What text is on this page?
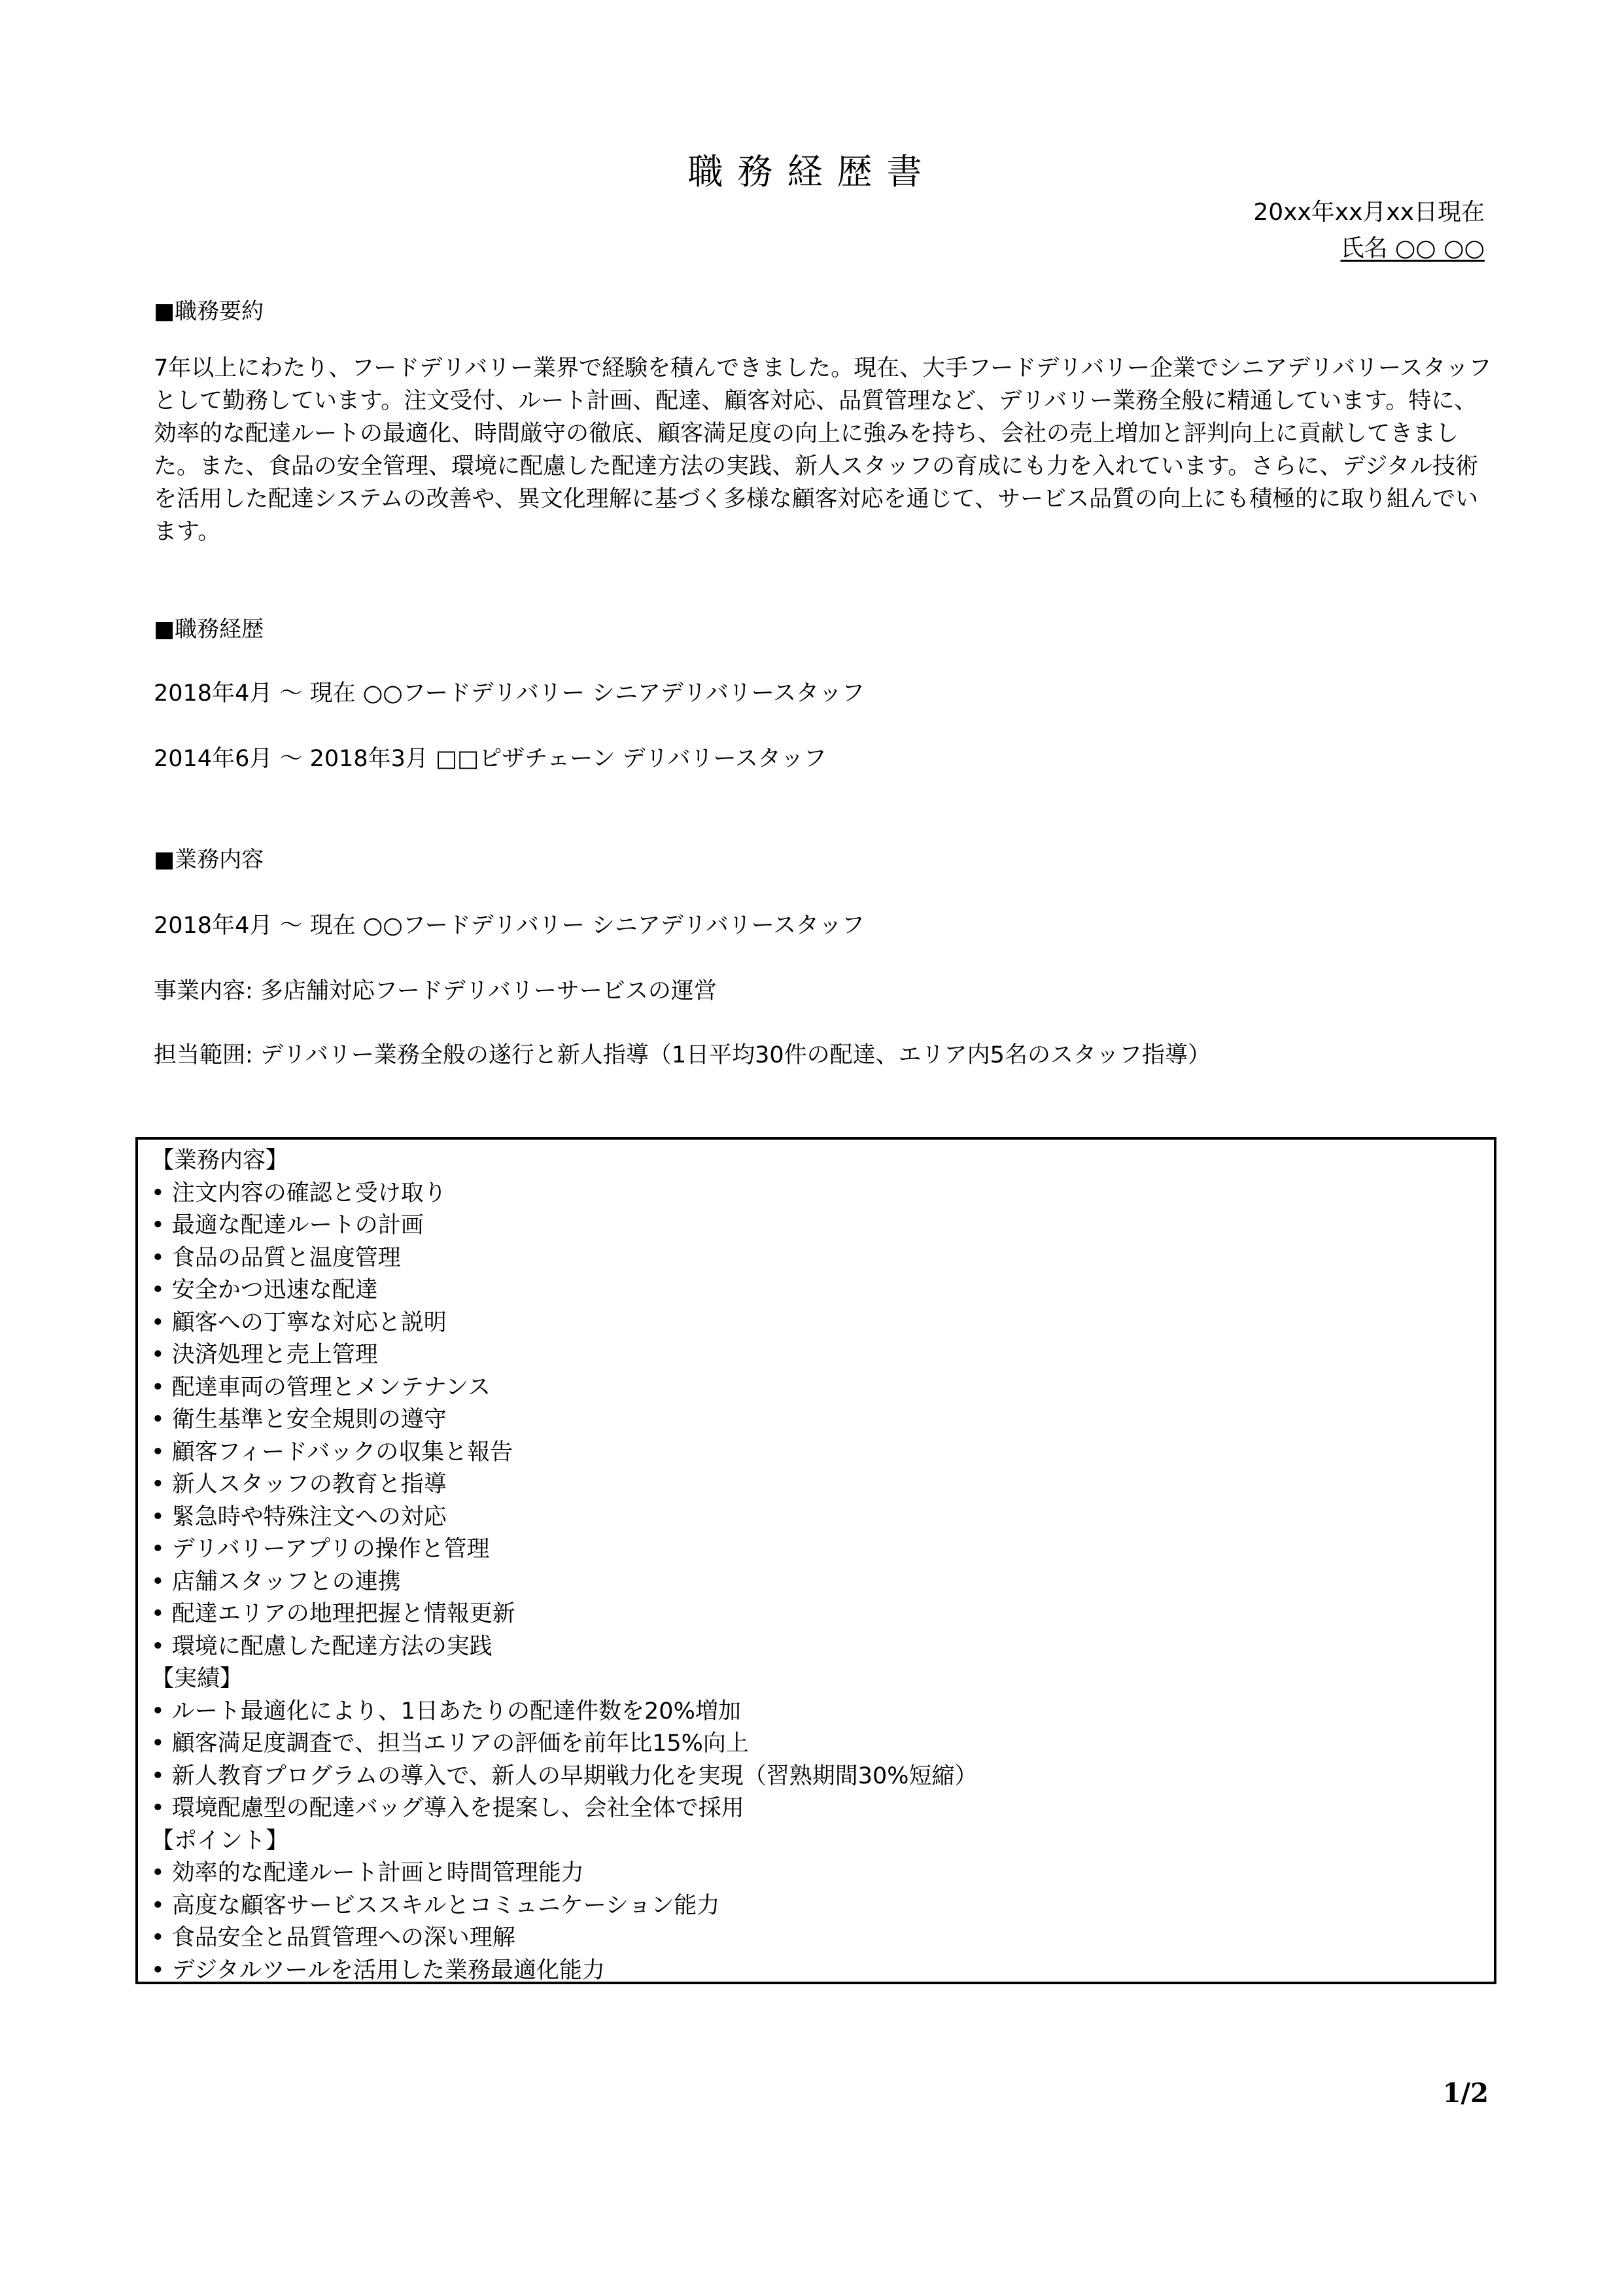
職務経歴書
20xx年xx月xx日現在
氏名 ○○ ○○
■職務要約
7年以上にわたり、フードデリバリー業界で経験を積んできました。現在、大手フードデリバリー企業でシニアデリバリースタッフとして勤務しています。注文受付、ルート計画、配達、顧客対応、品質管理など、デリバリー業務全般に精通しています。特に、効率的な配達ルートの最適化、時間厳守の徹底、顧客満足度の向上に強みを持ち、会社の売上増加と評判向上に貢献してきました。また、食品の安全管理、環境に配慮した配達方法の実践、新人スタッフの育成にも力を入れています。さらに、デジタル技術を活用した配達システムの改善や、異文化理解に基づく多様な顧客対応を通じて、サービス品質の向上にも積極的に取り組んでいます。
■職務経歴
2018年4月 ～ 現在 ○○フードデリバリー シニアデリバリースタッフ
2014年6月 ～ 2018年3月 □□ピザチェーン デリバリースタッフ
■業務内容
2018年4月 ～ 現在 ○○フードデリバリー シニアデリバリースタッフ
事業内容: 多店舗対応フードデリバリーサービスの運営
担当範囲: デリバリー業務全般の遂行と新人指導（1日平均30件の配達、エリア内5名のスタッフ指導）
【業務内容】
• 注文内容の確認と受け取り
• 最適な配達ルートの計画
• 食品の品質と温度管理
• 安全かつ迅速な配達
• 顧客への丁寧な対応と説明
• 決済処理と売上管理
• 配達車両の管理とメンテナンス
• 衛生基準と安全規則の遵守
• 顧客フィードバックの収集と報告
• 新人スタッフの教育と指導
• 緊急時や特殊注文への対応
• デリバリーアプリの操作と管理
• 店舗スタッフとの連携
• 配達エリアの地理把握と情報更新
• 環境に配慮した配達方法の実践
【実績】
• ルート最適化により、1日あたりの配達件数を20%増加
• 顧客満足度調査で、担当エリアの評価を前年比15%向上
• 新人教育プログラムの導入で、新人の早期戦力化を実現（習熟期間30%短縮）
• 環境配慮型の配達バッグ導入を提案し、会社全体で採用
【ポイント】
• 効率的な配達ルート計画と時間管理能力
• 高度な顧客サービススキルとコミュニケーション能力
• 食品安全と品質管理への深い理解
• デジタルツールを活用した業務最適化能力
1/2
